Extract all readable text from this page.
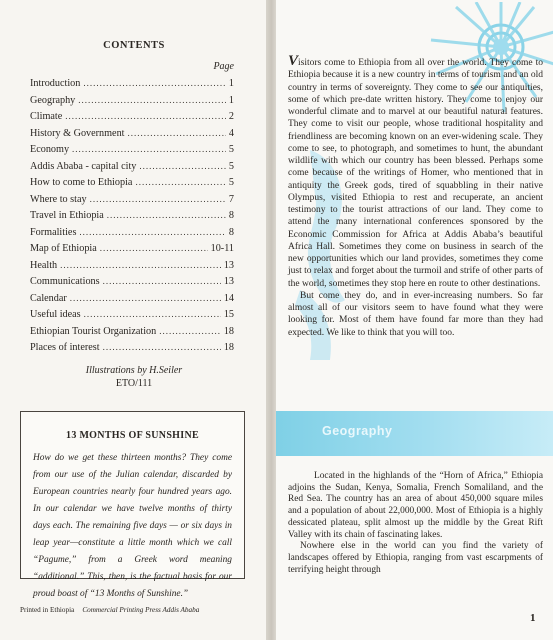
CONTENTS
Page
Introduction .....	1
Geography .....	1
Climate .....	2
History & Government .....	4
Economy .....	5
Addis Ababa - capital city .....	5
How to come to Ethiopia .....	5
Where to stay .....	7
Travel in Ethiopia .....	8
Formalities .....	8
Map of Ethiopia .....	10-11
Health .....	13
Communications .....	13
Calendar .....	14
Useful ideas .....	15
Ethiopian Tourist Organization .....	18
Places of interest .....	18
Illustrations by H.Seiler
ETO/111
13 MONTHS OF SUNSHINE
How do we get these thirteen months? They come from our use of the Julian calendar, discarded by European countries nearly four hundred years ago. In our calendar we have twelve months of thirty days each. The remaining five days — or six days in leap year—constitute a little month which we call “Pagume,” from a Greek word meaning “additional.” This, then, is the factual basis for our proud boast of “13 Months of Sunshine.”
Printed in Ethiopia Commercial Printing Press Addis Ababa

Visitors come to Ethiopia from all over the world. They come to Ethiopia because it is a new country in terms of tourism and an old country in terms of sovereignty. They come to see our antiquities, some of which pre-date written history. They come to enjoy our wonderful climate and to marvel at our beautiful natural features. They come to visit our people, whose traditional hospitality and friendliness are becoming known on an ever-widening scale. They come to see, to photograph, and sometimes to hunt, the abundant wildlife with which our country has been blessed. Perhaps some come because of the writings of Homer, who mentioned that in antiquity the Greek gods, tired of squabbling in their native Olympus, visited Ethiopia to rest and recuperate, an ancient testimony to the tourist attractions of our land. They come to attend the many international conferences sponsored by the Economic Commission for Africa at Addis Ababa’s beautiful Africa Hall. Sometimes they come on business in search of the new opportunities which our land provides, sometimes they come just to relax and forget about the turmoil and strife of other parts of the world, sometimes they stop here en route to other destinations.

But come they do, and in ever-increasing numbers. So far almost all of our visitors seem to have found what they were looking for. Most of them have found far more than they had expected. We like to think that you will too.

Geography

Located in the highlands of the “Horn of Africa,” Ethiopia adjoins the Sudan, Kenya, Somalia, French Somaliland, and the Red Sea. The country has an area of about 450,000 square miles and a population of about 22,000,000. Most of Ethiopia is a highly dessicated plateau, split almost up the middle by the Great Rift Valley with its chain of fascinating lakes.

Nowhere else in the world can you find the variety of landscapes offered by Ethiopia, ranging from vast escarpments of terrifying height through

1
